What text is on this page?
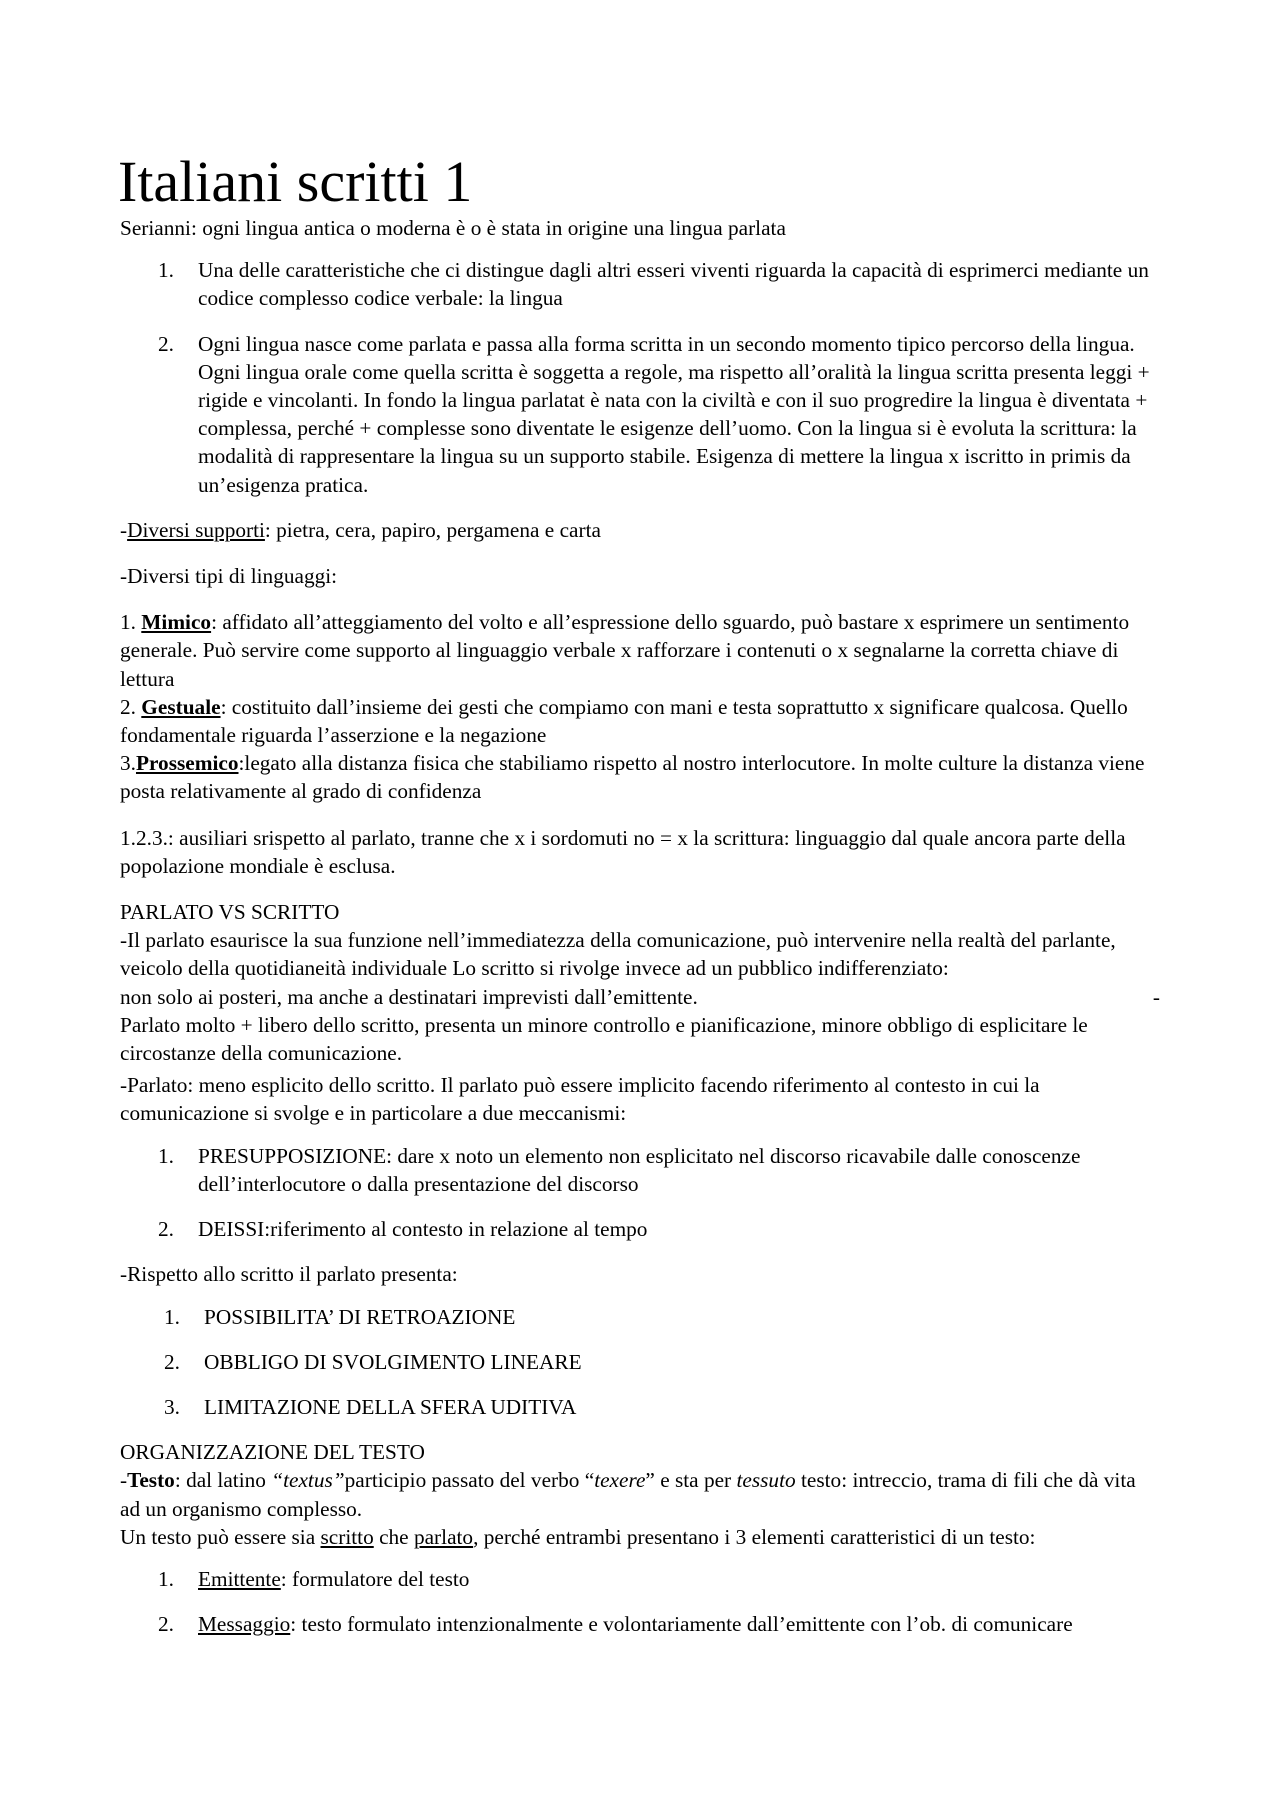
Italiani scritti 1

Serianni: ogni lingua antica o moderna è o è stata in origine una lingua parlata

1. Una delle caratteristiche che ci distingue dagli altri esseri viventi riguarda la capacità di esprimerci mediante un codice complesso codice verbale: la lingua
2. Ogni lingua nasce come parlata e passa alla forma scritta in un secondo momento tipico percorso della lingua. Ogni lingua orale come quella scritta è soggetta a regole, ma rispetto all’oralità la lingua scritta presenta leggi + rigide e vincolanti. In fondo la lingua parlatat è nata con la civiltà e con il suo progredire la lingua è diventata + complessa, perché + complesse sono diventate le esigenze dell’uomo. Con la lingua si è evoluta la scrittura: la modalità di rappresentare la lingua su un supporto stabile. Esigenza di mettere la lingua x iscritto in primis da un’esigenza pratica.

-Diversi supporti: pietra, cera, papiro, pergamena e carta

-Diversi tipi di linguaggi:

1. Mimico: affidato all’atteggiamento del volto e all’espressione dello sguardo, può bastare x esprimere un sentimento generale. Può servire come supporto al linguaggio verbale x rafforzare i contenuti o x segnalarne la corretta chiave di lettura

2. Gestuale: costituito dall’insieme dei gesti che compiamo con mani e testa soprattutto x significare qualcosa. Quello fondamentale riguarda l’asserzione e la negazione

3.Prossemico:legato alla distanza fisica che stabiliamo rispetto al nostro interlocutore. In molte culture la distanza viene posta relativamente al grado di confidenza

1.2.3.: ausiliari srispetto al parlato, tranne che x i sordomuti no = x la scrittura: linguaggio dal quale ancora parte della popolazione mondiale è esclusa.

PARLATO VS SCRITTO

-Il parlato esaurisce la sua funzione nell’immediatezza della comunicazione, può intervenire nella realtà del parlante, veicolo della quotidianeità individuale Lo scritto si rivolge invece ad un pubblico indifferenziato:

non solo ai posteri, ma anche a destinatari imprevisti dall’emittente.	-

Parlato molto + libero dello scritto, presenta un minore controllo e pianificazione, minore obbligo di esplicitare le circostanze della comunicazione.

-Parlato: meno esplicito dello scritto. Il parlato può essere implicito facendo riferimento al contesto in cui la comunicazione si svolge e in particolare a due meccanismi:

1. PRESUPPOSIZIONE: dare x noto un elemento non esplicitato nel discorso ricavabile dalle conoscenze dell’interlocutore o dalla presentazione del discorso
2. DEISSI:riferimento al contesto in relazione al tempo

-Rispetto allo scritto il parlato presenta:

1. POSSIBILITA’ DI RETROAZIONE
2. OBBLIGO DI SVOLGIMENTO LINEARE
3. LIMITAZIONE DELLA SFERA UDITIVA

ORGANIZZAZIONE DEL TESTO

-Testo: dal latino “textus”participio passato del verbo “texere” e sta per tessuto testo: intreccio, trama di fili che dà vita ad un organismo complesso.

Un testo può essere sia scritto che parlato, perché entrambi presentano i 3 elementi caratteristici di un testo:

1. Emittente: formulatore del testo
2. Messaggio: testo formulato intenzionalmente e volontariamente dall’emittente con l’ob. di comunicare
